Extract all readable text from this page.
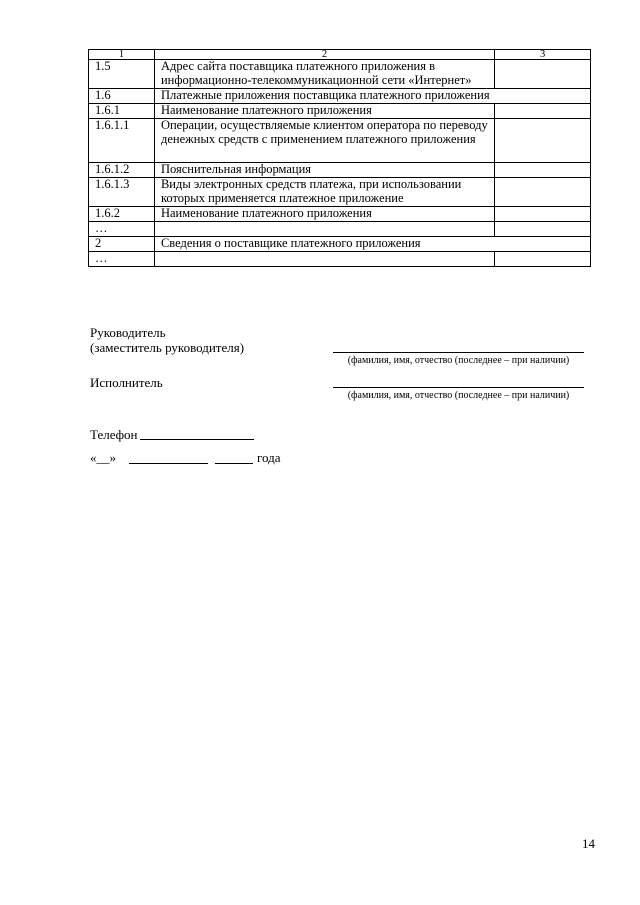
1	2	3
1.5	Адрес сайта поставщика платежного приложения в информационно-телекоммуникационной сети «Интернет»	
1.6	Платежные приложения поставщика платежного приложения	
1.6.1	Наименование платежного приложения	
1.6.1.1	Операции, осуществляемые клиентом оператора по переводу денежных средств с применением платежного приложения	
1.6.1.2	Пояснительная информация	
1.6.1.3	Виды электронных средств платежа, при использовании которых применяется платежное приложение	
1.6.2	Наименование платежного приложения	
…		
2	Сведения о поставщике платежного приложения	
…		
Руководитель
(заместитель руководителя)
(фамилия, имя, отчество (последнее – при наличии)
Исполнитель
(фамилия, имя, отчество (последнее – при наличии)
Телефон
«__»	года
14
